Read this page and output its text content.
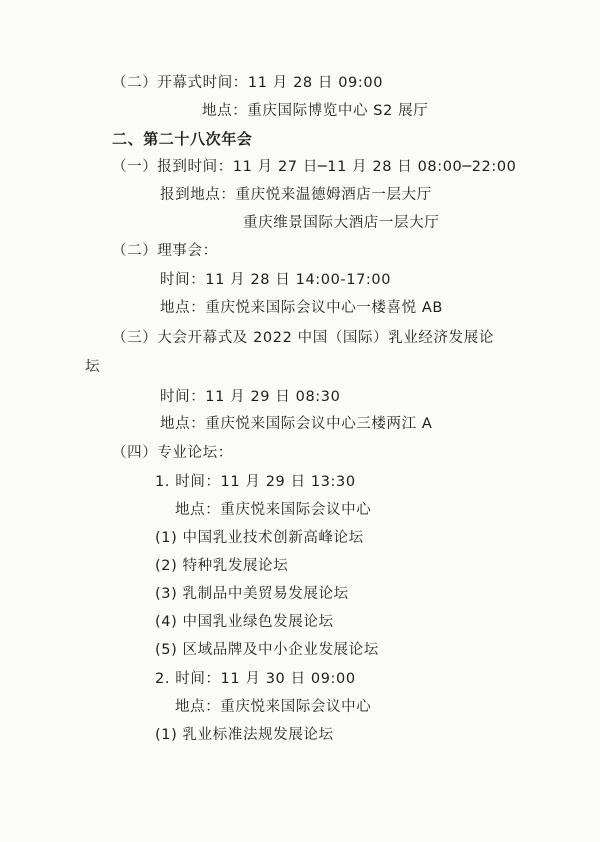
（二）开幕式时间：11 月 28 日 09:00
地点：重庆国际博览中心 S2 展厅
二、第二十八次年会
（一）报到时间：11 月 27 日─11 月 28 日 08:00─22:00
报到地点：重庆悦来温德姆酒店一层大厅
重庆维景国际大酒店一层大厅
（二）理事会：
时间：11 月 28 日 14:00-17:00
地点：重庆悦来国际会议中心一楼喜悦 AB
（三）大会开幕式及 2022 中国（国际）乳业经济发展论
坛
时间：11 月 29 日 08:30
地点：重庆悦来国际会议中心三楼两江 A
（四）专业论坛：
1. 时间：11 月 29 日 13:30
地点：重庆悦来国际会议中心
(1) 中国乳业技术创新高峰论坛
(2) 特种乳发展论坛
(3) 乳制品中美贸易发展论坛
(4) 中国乳业绿色发展论坛
(5) 区域品牌及中小企业发展论坛
2. 时间：11 月 30 日 09:00
地点：重庆悦来国际会议中心
(1) 乳业标准法规发展论坛
